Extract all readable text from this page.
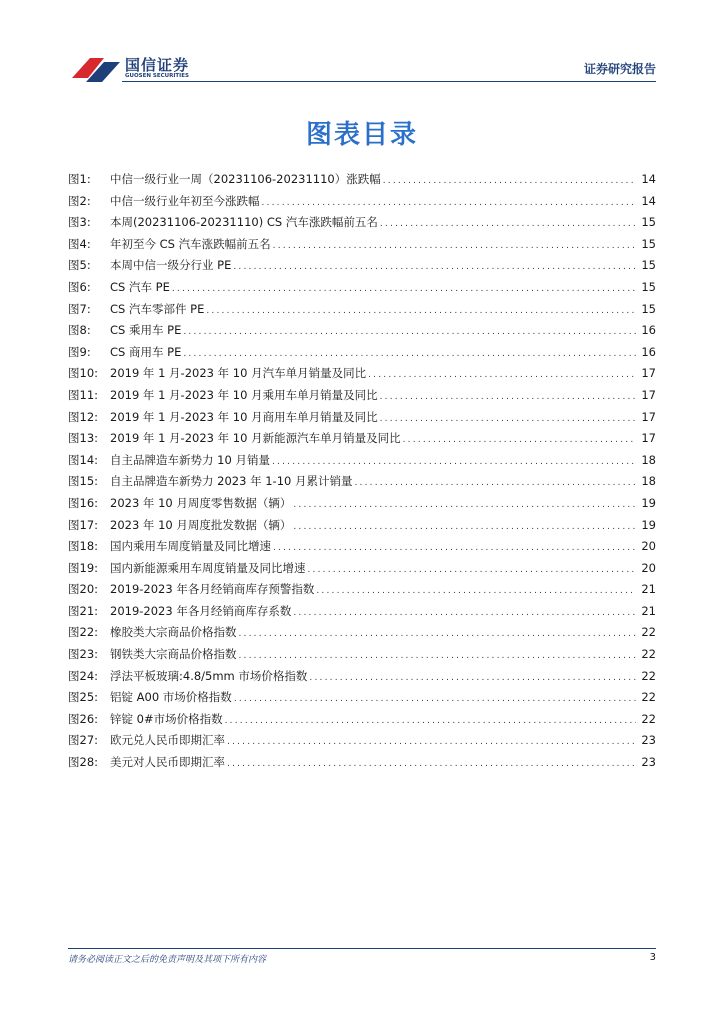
国信证券
GUOSEN SECURITIES	证券研究报告
图表目录
图1:	中信一级行业一周（20231106-20231110）涨跌幅 .....	14
图2:	中信一级行业年初至今涨跌幅 .....	14
图3:	本周(20231106-20231110) CS 汽车涨跌幅前五名 .....	15
图4:	年初至今 CS 汽车涨跌幅前五名 .....	15
图5:	本周中信一级分行业 PE .....	15
图6:	CS 汽车 PE .....	15
图7:	CS 汽车零部件 PE .....	15
图8:	CS 乘用车 PE .....	16
图9:	CS 商用车 PE .....	16
图10:	2019 年 1 月-2023 年 10 月汽车单月销量及同比 .....	17
图11:	2019 年 1 月-2023 年 10 月乘用车单月销量及同比 .....	17
图12:	2019 年 1 月-2023 年 10 月商用车单月销量及同比 .....	17
图13:	2019 年 1 月-2023 年 10 月新能源汽车单月销量及同比 .....	17
图14:	自主品牌造车新势力 10 月销量 .....	18
图15:	自主品牌造车新势力 2023 年 1-10 月累计销量 .....	18
图16:	2023 年 10 月周度零售数据（辆） .....	19
图17:	2023 年 10 月周度批发数据（辆） .....	19
图18:	国内乘用车周度销量及同比增速 .....	20
图19:	国内新能源乘用车周度销量及同比增速 .....	20
图20:	2019-2023 年各月经销商库存预警指数 .....	21
图21:	2019-2023 年各月经销商库存系数 .....	21
图22:	橡胶类大宗商品价格指数 .....	22
图23:	钢铁类大宗商品价格指数 .....	22
图24:	浮法平板玻璃:4.8/5mm 市场价格指数 .....	22
图25:	铝锭 A00 市场价格指数 .....	22
图26:	锌锭 0#市场价格指数 .....	22
图27:	欧元兑人民币即期汇率 .....	23
图28:	美元对人民币即期汇率 .....	23
请务必阅读正文之后的免责声明及其项下所有内容	3
